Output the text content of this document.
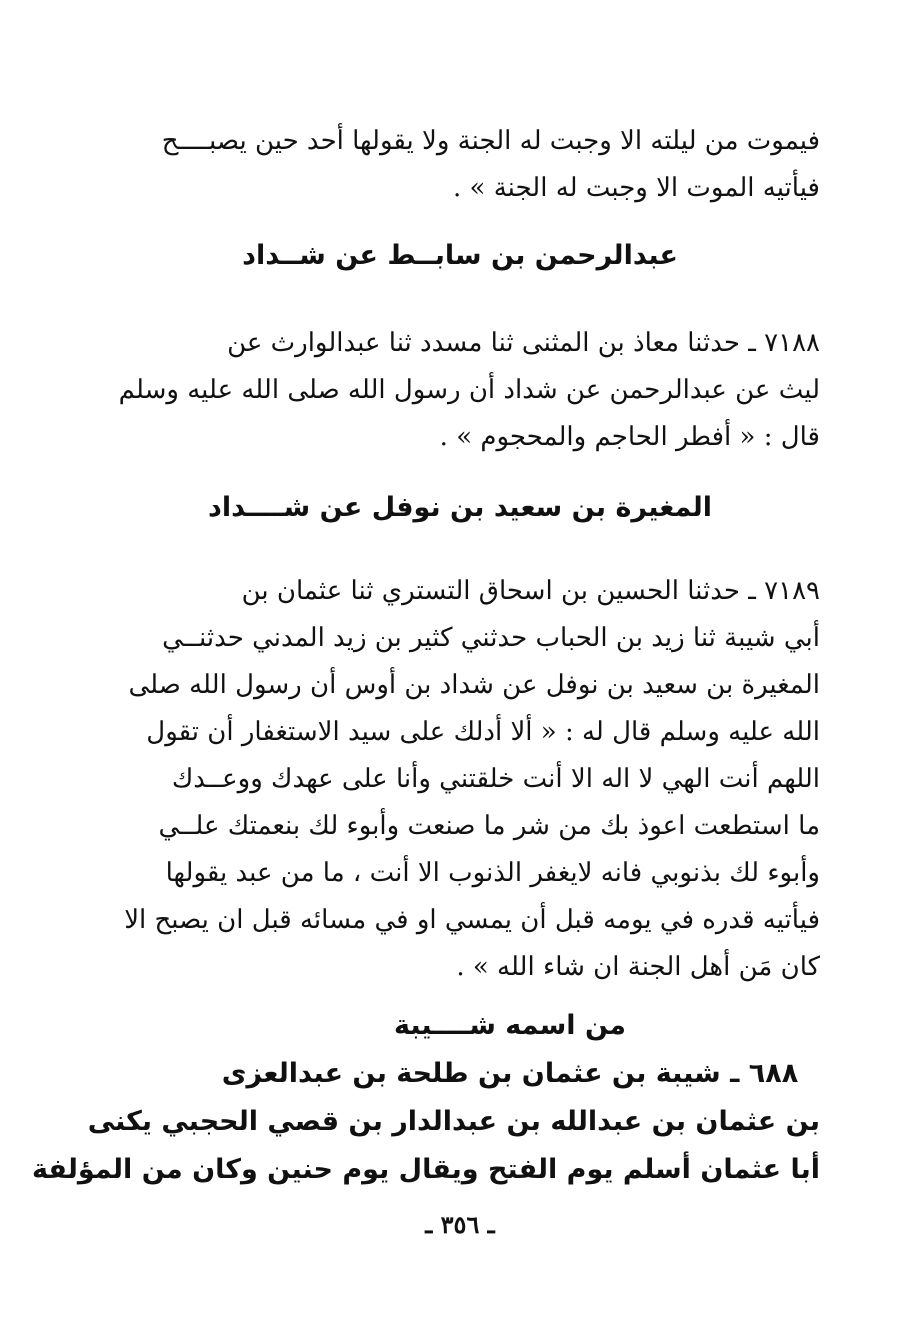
فيموت من ليلته الا وجبت له الجنة ولا يقولها أحد حين يصبــــح
فيأتيه الموت الا وجبت له الجنة » .
عبدالرحمن بن سابــط عن شــداد
٧١٨٨ ـ حدثنا معاذ بن المثنى ثنا مسدد ثنا عبدالوارث عن
ليث عن عبدالرحمن عن شداد أن رسول الله صلى الله عليه وسلم
قال : « أفطر الحاجم والمحجوم » .
المغيرة بن سعيد بن نوفل عن شــــداد
٧١٨٩ ـ حدثنا الحسين بن اسحاق التستري ثنا عثمان بن
أبي شيبة ثنا زيد بن الحباب حدثني كثير بن زيد المدني حدثنــي
المغيرة بن سعيد بن نوفل عن شداد بن أوس أن رسول الله صلى
الله عليه وسلم قال له : « ألا أدلك على سيد الاستغفار أن تقول
اللهم أنت الهي لا اله الا أنت خلقتني وأنا على عهدك ووعــدك
ما استطعت اعوذ بك من شر ما صنعت وأبوء لك بنعمتك علــي
وأبوء لك بذنوبي فانه لايغفر الذنوب الا أنت ، ما من عبد يقولها
فيأتيه قدره في يومه قبل أن يمسي او في مسائه قبل ان يصبح الا
كان مَن أهل الجنة ان شاء الله » .
من اسمه شــــيبة
٦٨٨ ـ شيبة بن عثمان بن طلحة بن عبدالعزى
بن عثمان بن عبدالله بن عبدالدار بن قصي الحجبي يكنى
أبا عثمان أسلم يوم الفتح ويقال يوم حنين وكان من المؤلفة
ـ ٣٥٦ ـ
